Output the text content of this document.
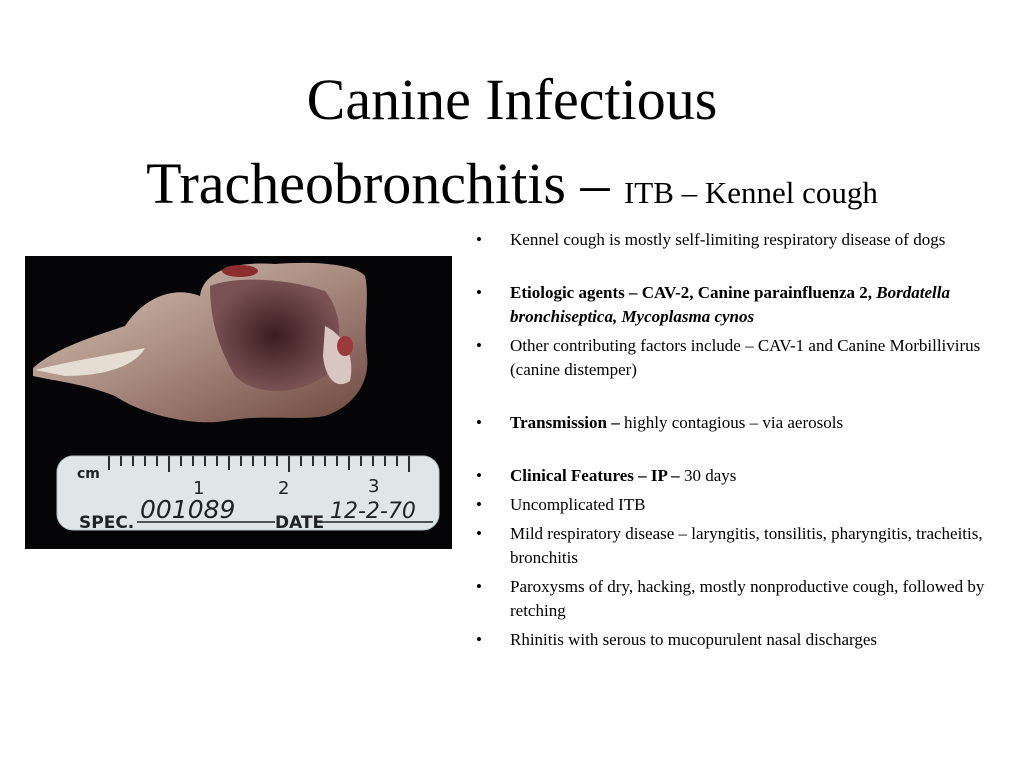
Canine Infectious
Tracheobronchitis – ITB – Kennel cough
cm
1	2	3
SPEC. 001089 DATE 12-2-70
• Kennel cough is mostly self-limiting respiratory disease of dogs
• Etiologic agents – CAV-2, Canine parainfluenza 2, Bordatella bronchiseptica, Mycoplasma cynos
• Other contributing factors include – CAV-1 and Canine Morbillivirus (canine distemper)
• Transmission – highly contagious – via aerosols
• Clinical Features – IP – 30 days
• Uncomplicated ITB
• Mild respiratory disease – laryngitis, tonsilitis, pharyngitis, tracheitis, bronchitis
• Paroxysms of dry, hacking, mostly nonproductive cough, followed by retching
• Rhinitis with serous to mucopurulent nasal discharges
